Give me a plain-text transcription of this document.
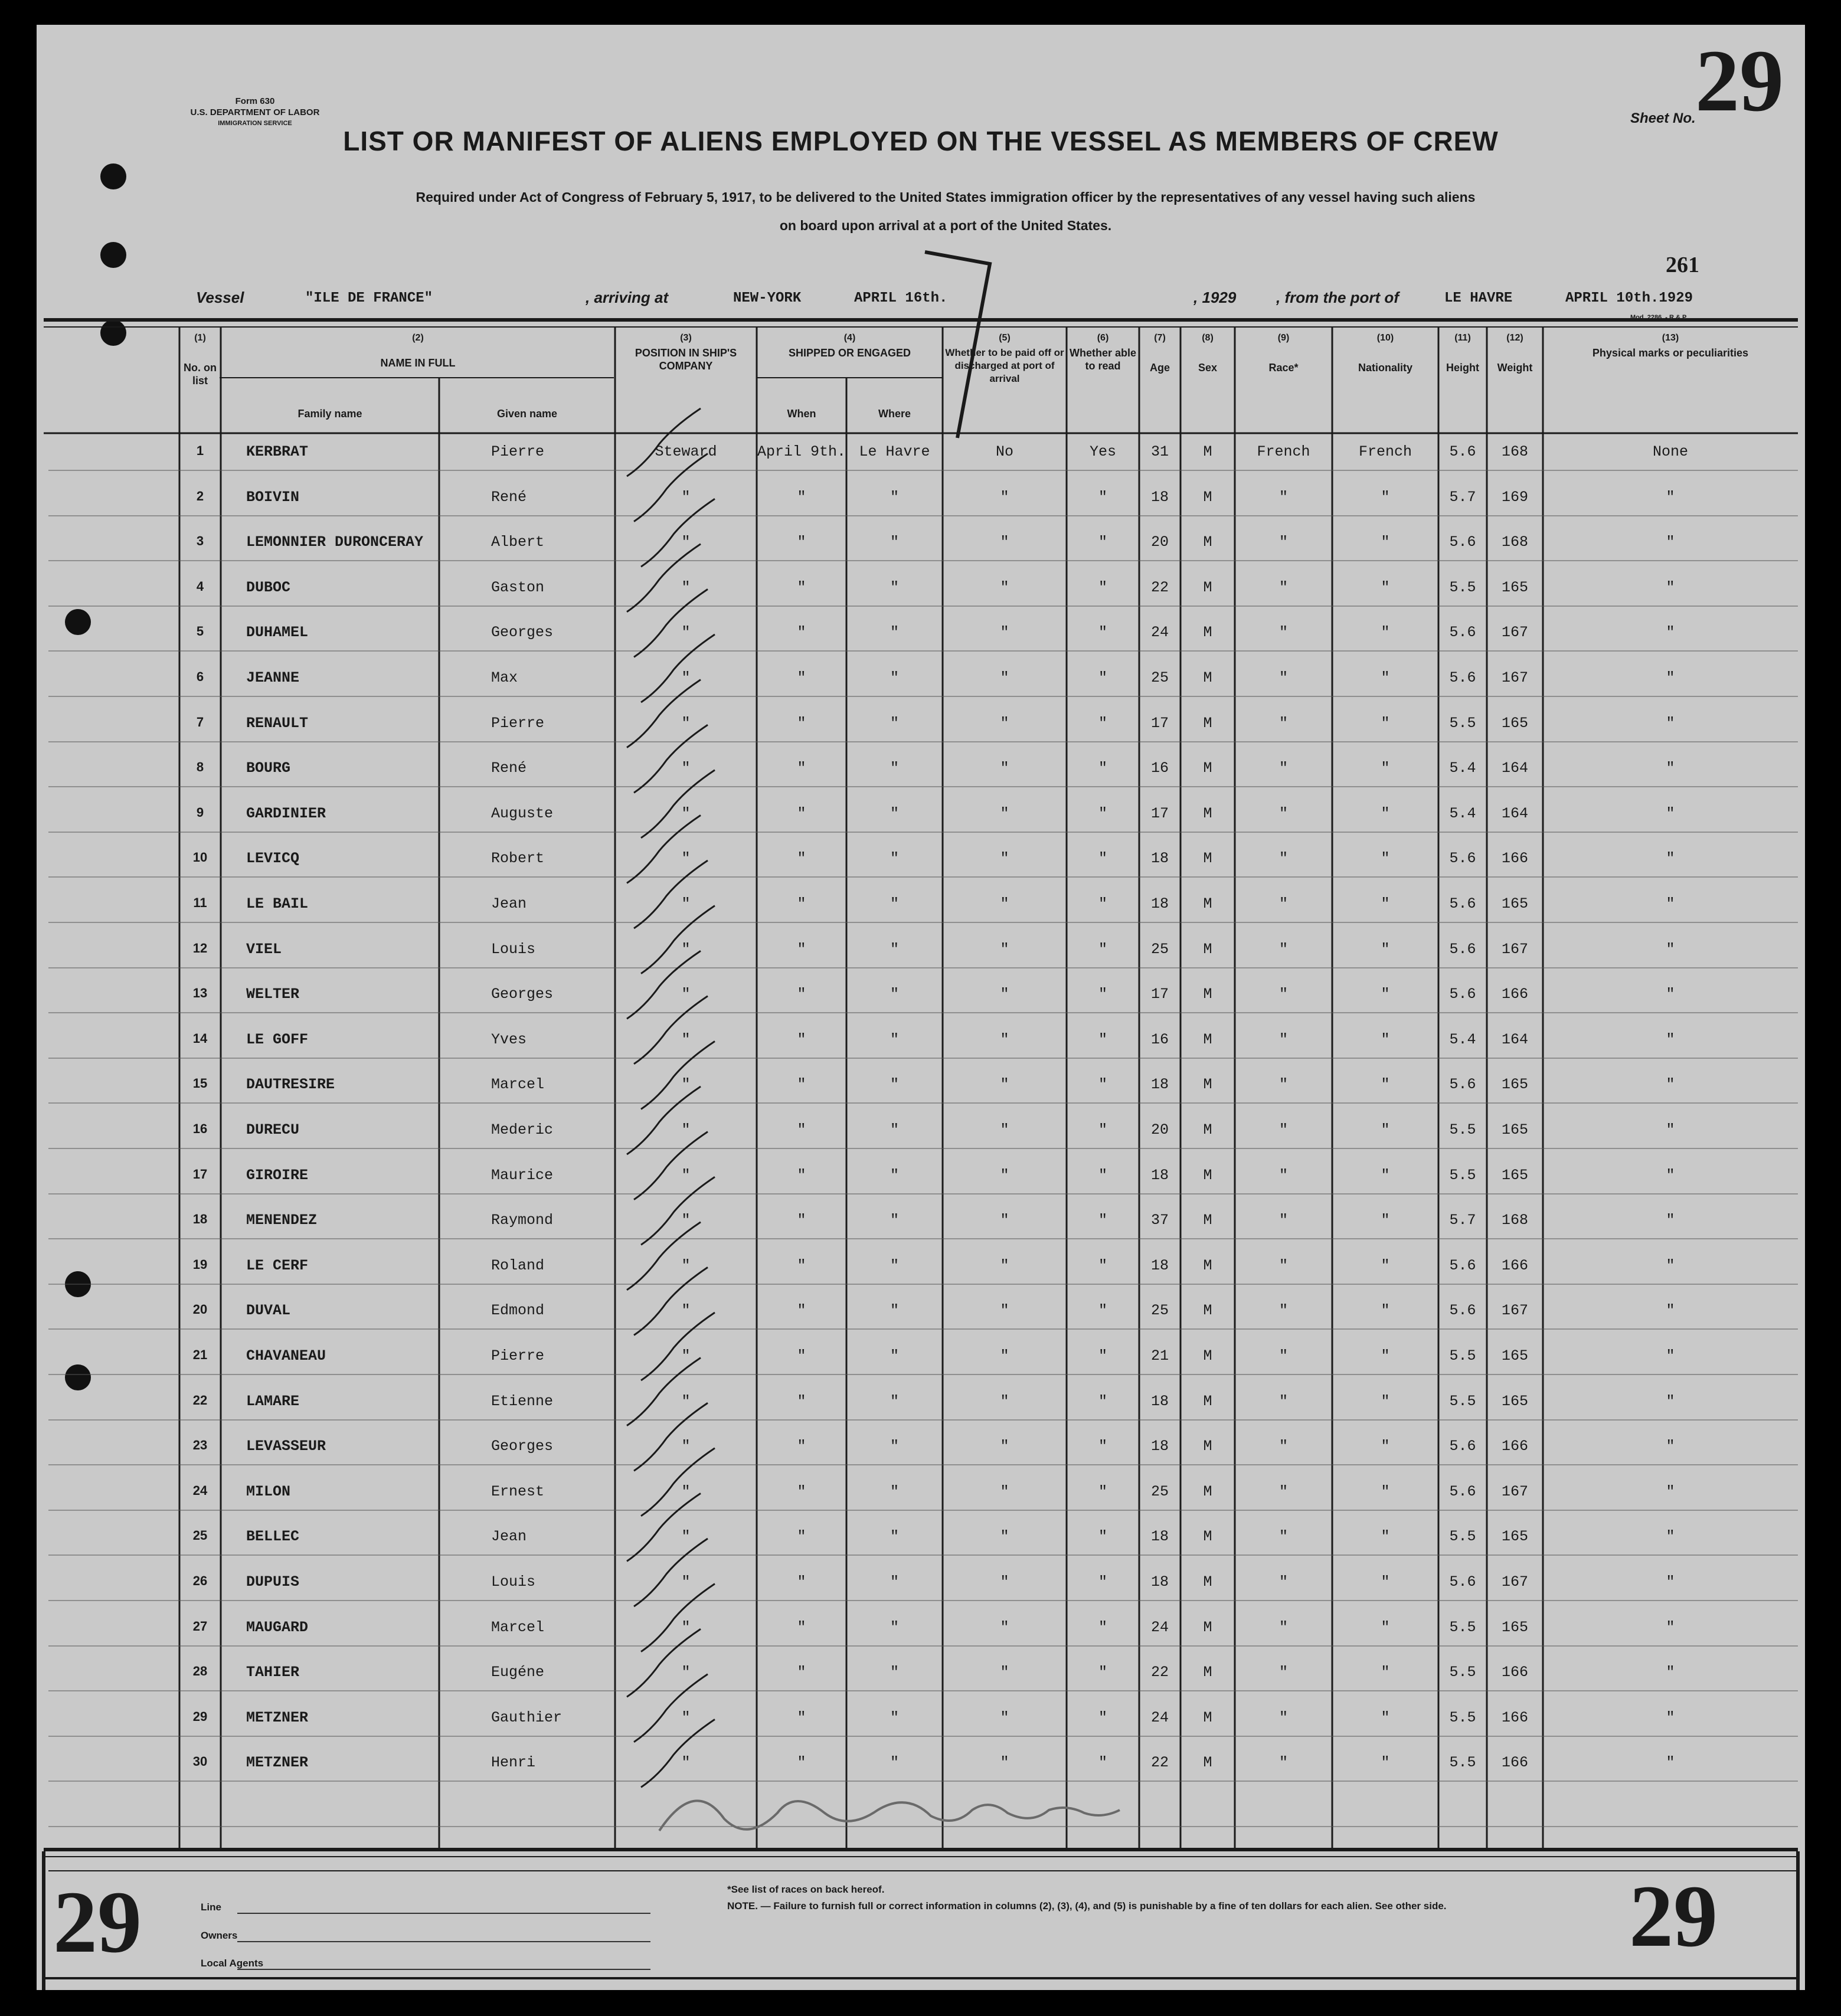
Form 630
U.S. DEPARTMENT OF LABOR
IMMIGRATION SERVICE	Sheet No. 29
LIST OR MANIFEST OF ALIENS EMPLOYED ON THE VESSEL AS MEMBERS OF CREW
Required under Act of Congress of February 5, 1917, to be delivered to the United States immigration officer by the representatives of any vessel having such aliens
on board upon arrival at a port of the United States.
261
Vessel	"ILE DE FRANCE"	, arriving at	NEW-YORK	APRIL 16th.	, 1929	, from the port of	LE HAVRE	APRIL 10th.1929
Mod. 2286. - R.& P.
(1)
No. on list
(2)
NAME IN FULL
Family name	Given name
(3)
POSITION IN SHIP'S COMPANY
(4)
SHIPPED OR ENGAGED
When	Where
(5)
Whether to be paid off or discharged at port of arrival
(6)
Whether able to read
(7)
Age
(8)
Sex
(9)
Race*
(10)
Nationality
(11)
Height
(12)
Weight
(13)
Physical marks or peculiarities
1	KERBRAT	Pierre	Steward	April 9th. Le Havre	No	Yes	31	M	French	French	5.6	168	None
2	BOIVIN	René	"	"	"	"	"	18	M	"	"	5.7	169	"
3	LEMONNIER DURONCERAY	Albert	"	"	"	"	"	20	M	"	"	5.6	168	"
4	DUBOC	Gaston	"	"	"	"	"	22	M	"	"	5.5	165	"
5	DUHAMEL	Georges	"	"	"	"	"	24	M	"	"	5.6	167	"
6	JEANNE	Max	"	"	"	"	"	25	M	"	"	5.6	167	"
7	RENAULT	Pierre	"	"	"	"	"	17	M	"	"	5.5	165	"
8	BOURG	René	"	"	"	"	"	16	M	"	"	5.4	164	"
9	GARDINIER	Auguste	"	"	"	"	"	17	M	"	"	5.4	164	"
10	LEVICQ	Robert	"	"	"	"	"	18	M	"	"	5.6	166	"
11	LE BAIL	Jean	"	"	"	"	"	18	M	"	"	5.6	165	"
12	VIEL	Louis	"	"	"	"	"	25	M	"	"	5.6	167	"
13	WELTER	Georges	"	"	"	"	"	17	M	"	"	5.6	166	"
14	LE GOFF	Yves	"	"	"	"	"	16	M	"	"	5.4	164	"
15	DAUTRESIRE	Marcel	"	"	"	"	"	18	M	"	"	5.6	165	"
16	DURECU	Mederic	"	"	"	"	"	20	M	"	"	5.5	165	"
17	GIROIRE	Maurice	"	"	"	"	"	18	M	"	"	5.5	165	"
18	MENENDEZ	Raymond	"	"	"	"	"	37	M	"	"	5.7	168	"
19	LE CERF	Roland	"	"	"	"	"	18	M	"	"	5.6	166	"
20	DUVAL	Edmond	"	"	"	"	"	25	M	"	"	5.6	167	"
21	CHAVANEAU	Pierre	"	"	"	"	"	21	M	"	"	5.5	165	"
22	LAMARE	Etienne	"	"	"	"	"	18	M	"	"	5.5	165	"
23	LEVASSEUR	Georges	"	"	"	"	"	18	M	"	"	5.6	166	"
24	MILON	Ernest	"	"	"	"	"	25	M	"	"	5.6	167	"
25	BELLEC	Jean	"	"	"	"	"	18	M	"	"	5.5	165	"
26	DUPUIS	Louis	"	"	"	"	"	18	M	"	"	5.6	167	"
27	MAUGARD	Marcel	"	"	"	"	"	24	M	"	"	5.5	165	"
28	TAHIER	Eugéne	"	"	"	"	"	22	M	"	"	5.5	166	"
29	METZNER	Gauthier	"	"	"	"	"	24	M	"	"	5.5	166	"
30	METZNER	Henri	"	"	"	"	"	22	M	"	"	5.5	166	"
29	29
Line
Owners
Local Agents
*See list of races on back hereof.
NOTE. — Failure to furnish full or correct information in columns (2), (3), (4), and (5) is punishable by a fine of ten dollars for each alien. See other side.
